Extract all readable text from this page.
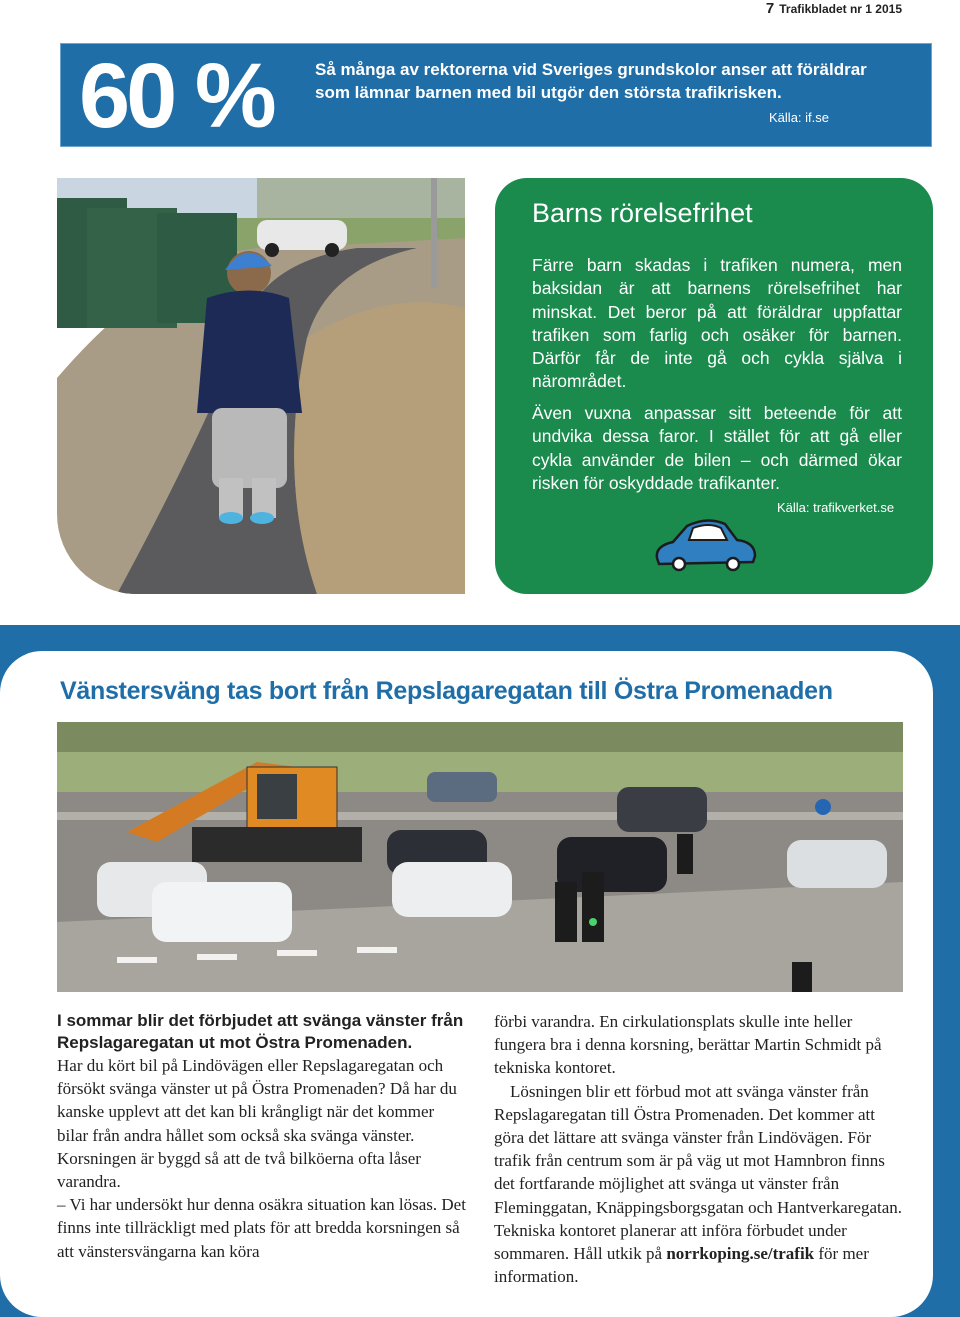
7 Trafikbladet nr 1 2015
60 % Så många av rektorerna vid Sveriges grundskolor anser att föräldrar som lämnar barnen med bil utgör den största trafikrisken.
Källa: if.se
Barns rörelsefrihet
Färre barn skadas i trafiken numera, men baksidan är att barnens rörelsefrihet har minskat. Det beror på att föräldrar uppfattar trafiken som farlig och osäker för barnen. Därför får de inte gå och cykla själva i närområdet.
Även vuxna anpassar sitt beteende för att undvika dessa faror. I stället för att gå eller cykla använder de bilen – och därmed ökar risken för oskyddade trafikanter.
Källa: trafikverket.se
Vänstersväng tas bort från Repslagaregatan till Östra Promenaden

I sommar blir det förbjudet att svänga vänster från Repslagaregatan ut mot Östra Promenaden.

Har du kört bil på Lindövägen eller Repslagaregatan och försökt svänga vänster ut på Östra Promenaden? Då har du kanske upplevt att det kan bli krångligt när det kommer bilar från andra hållet som också ska svänga vänster. Korsningen är byggd så att de två bilköerna ofta låser varandra.

– Vi har undersökt hur denna osäkra situation kan lösas. Det finns inte tillräckligt med plats för att bredda korsningen så att vänstersvängarna kan köra

förbi varandra. En cirkulationsplats skulle inte heller fungera bra i denna korsning, berättar Martin Schmidt på tekniska kontoret.

Lösningen blir ett förbud mot att svänga vänster från Repslagaregatan till Östra Promenaden. Det kommer att göra det lättare att svänga vänster från Lindövägen. För trafik från centrum som är på väg ut mot Hamnbron finns det fortfarande möjlighet att svänga ut vänster från Fleminggatan, Knäppingsborgsgatan och Hantverkaregatan. Tekniska kontoret planerar att införa förbudet under sommaren. Håll utkik på norrkoping.se/trafik för mer information.
